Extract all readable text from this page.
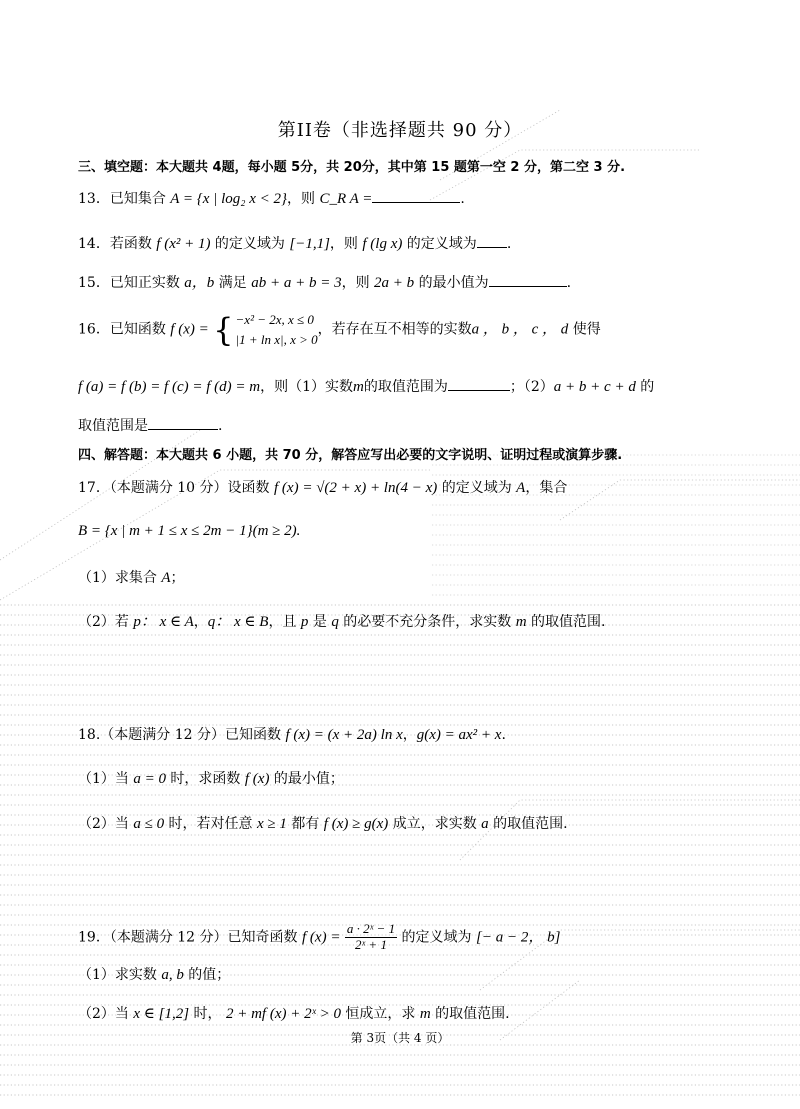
第II卷（非选择题共 90 分）
三、填空题：本大题共 4题，每小题 5分，共 20分，其中第 15 题第一空 2 分，第二空 3 分.
13．已知集合 A = {x | log₂ x < 2}，则 C_R A =	.
14．若函数 f (x² + 1) 的定义域为 [−1,1]，则 f (lg x) 的定义域为 .
15．已知正实数 a，b 满足 ab + a + b = 3，则 2a + b 的最小值为	.
16．已知函数 f (x) = { −x² − 2x, x ≤ 0
|1 + ln x|, x > 0
，若存在互不相等的实数a ， b ， c ， d 使得
f (a) = f (b) = f (c) = f (d) = m，则（1）实数m的取值范围为	；（2）a + b + c + d 的
取值范围是	.
四、解答题：本大题共 6 小题，共 70 分，解答应写出必要的文字说明、证明过程或演算步骤.
17．（本题满分 10 分）设函数 f (x) = √(2 + x) + ln(4 − x) 的定义域为 A，集合
B = {x | m + 1 ≤ x ≤ 2m − 1}(m ≥ 2).
（1）求集合 A；
（2）若 p： x ∈ A，q： x ∈ B，且 p 是 q 的必要不充分条件，求实数 m 的取值范围.
18.（本题满分 12 分）已知函数 f (x) = (x + 2a) ln x，g(x) = ax² + x.
（1）当 a = 0 时，求函数 f (x) 的最小值；
（2）当 a ≤ 0 时，若对任意 x ≥ 1 都有 f (x) ≥ g(x) 成立，求实数 a 的取值范围.
19．（本题满分 12 分）已知奇函数 f $(x) = \frac{\text{a · 2ˣ − 1}}{\text{2ˣ + 1}}$ 的定义域为 [− a − 2， b]
（1）求实数 a, b 的值；
（2）当 x ∈ [1,2] 时， 2 + mf (x) + 2ˣ > 0 恒成立，求 m 的取值范围.
第 3页（共 4 页）
